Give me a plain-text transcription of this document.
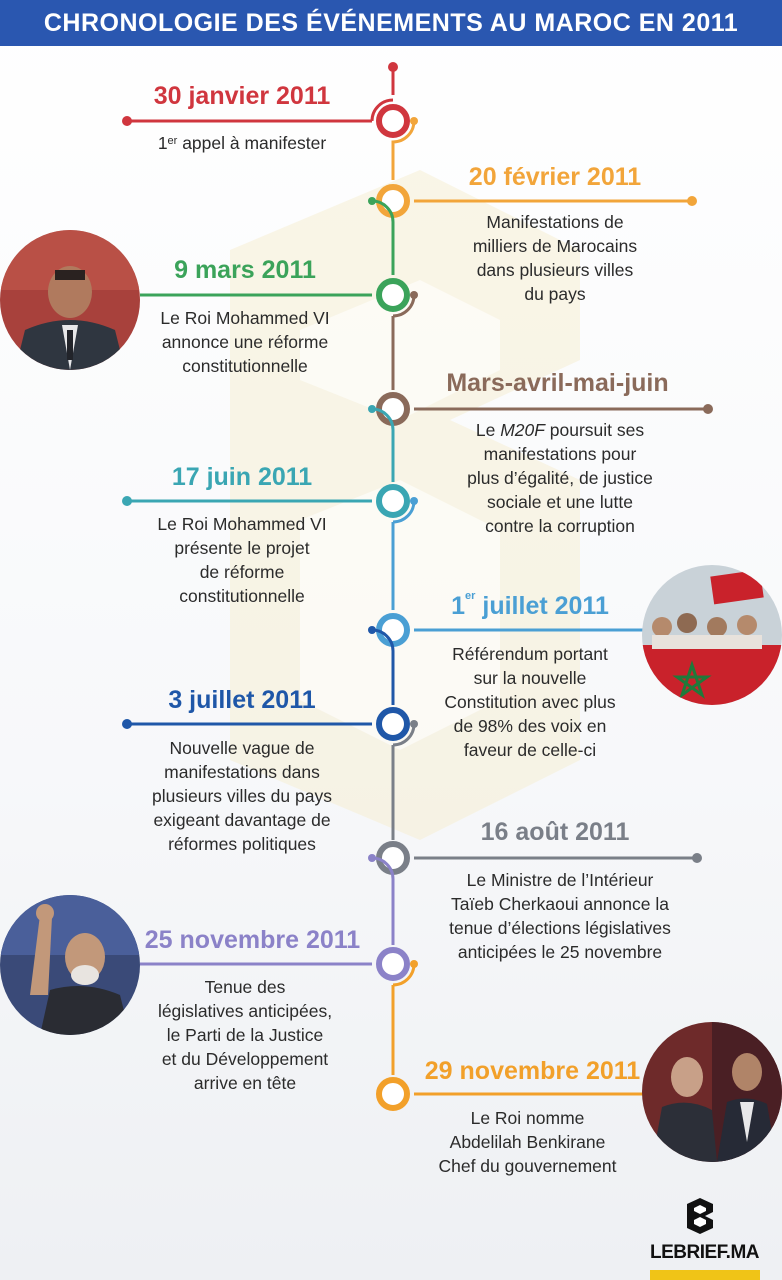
CHRONOLOGIE DES ÉVÉNEMENTS AU MAROC EN 2011
30 janvier 2011
1er appel à manifester
20 février 2011
Manifestations de
milliers de Marocains
dans plusieurs villes
du pays
9 mars 2011
Le Roi Mohammed VI
annonce une réforme
constitutionnelle
Mars-avril-mai-juin
Le M20F poursuit ses
manifestations pour
plus d’égalité, de justice
sociale et une lutte
contre la corruption
17 juin 2011
Le Roi Mohammed VI
présente le projet
de réforme
constitutionnelle	1er juillet 2011
Référendum portant
sur la nouvelle
Constitution avec plus
de 98% des voix en
faveur de celle-ci
3 juillet 2011
Nouvelle vague de
manifestations dans
plusieurs villes du pays
exigeant davantage de
réformes politiques	16 août 2011
Le Ministre de l’Intérieur
Taïeb Cherkaoui annonce la
tenue d’élections législatives
anticipées le 25 novembre
25 novembre 2011
Tenue des
législatives anticipées,
le Parti de la Justice
et du Développement
arrive en tête	29 novembre 2011
Le Roi nomme
Abdelilah Benkirane
Chef du gouvernement
LEBRIEF.MA
